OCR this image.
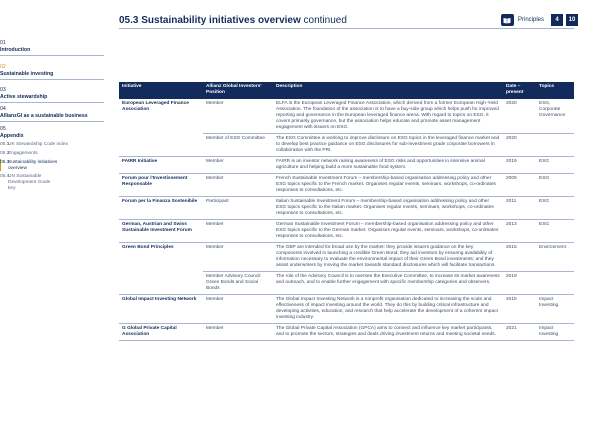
01
Introduction
02
Sustainable investing
03
Active stewardship
04
AllianzGI as a sustainable business
05
Appendix
05.1
UK Stewardship Code index
05.2
Engagements
05.3
Sustainability initiatives overview
05.4
UN Sustainable Development Goals key
05.3 Sustainability initiatives overview continued	Principles	4	10
Initiative	Allianz Global Investors' Position	Description	Date – present	Topics
European Leveraged Finance Association	Member	ELFA is the European Leveraged Finance Association, which derived from a former European High-Yield Association. The foundation of the association is to have a buy-side group which helps push for improved reporting and governance in the European leveraged finance arena. With regard to topics on ESG, it covers primarily governance, but the association helps educate and promote asset management engagement with issuers on ESG.	2020	ESG, Corporate Governance
	Member of ESG Committee	The ESG Committee is working to improve disclosure on ESG topics in the leveraged finance market and to develop best practice guidance on ESG disclosures for sub-investment grade corporate borrowers in collaboration with the PRI.	2020	
FAIRR Initiative	Member	FAIRR is an investor network raising awareness of ESG risks and opportunities in intensive animal agriculture and helping build a more sustainable food system.	2019	ESG
Forum pour l'Investissement Responsable	Member	French Sustainable Investment Forum – membership-based organisation addressing policy and other ESG topics specific to the French market. Organises regular events, seminars, workshops, co-ordinates responses to consultations, etc.	2009	ESG
Forum per la Finanza Sostenibile	Participant	Italian Sustainable Investment Forum – membership-based organisation addressing policy and other ESG topics specific to the Italian market. Organises regular events, seminars, workshops, co-ordinates responses to consultations, etc.	2011	ESG
German, Austrian and Swiss Sustainable Investment Forum	Member	German Sustainable Investment Forum – membership-based organisation addressing policy and other ESG topics specific to the German market. Organises regular events, seminars, workshops, co-ordinates responses to consultations, etc.	2013	ESG
Green Bond Principles	Member	The GBP are intended for broad use by the market: they provide issuers guidance on the key components involved in launching a credible Green Bond; they aid investors by ensuring availability of information necessary to evaluate the environmental impact of their Green Bond investments; and they assist underwriters by moving the market towards standard disclosures which will facilitate transactions.	2015	Environment
	Member Advisory Council Green Bonds and Social Bonds	The role of the Advisory Council is to oversee the Executive Committee, to increase its market awareness and outreach, and to enable further engagement with specific membership categories and observers.	2019	
Global Impact Investing Network	Member	The Global Impact Investing Network is a nonprofit organisation dedicated to increasing the scale and effectiveness of impact investing around the world. They do this by building critical infrastructure and developing activities, education, and research that help accelerate the development of a coherent impact investing industry.	2018	Impact Investing
G Global Private Capital Association	Member	The Global Private Capital Association (GPCA) aims to connect and influence key market participants, and to promote the sectors, strategies and deals driving investment returns and meeting societal needs.	2021	Impact Investing
